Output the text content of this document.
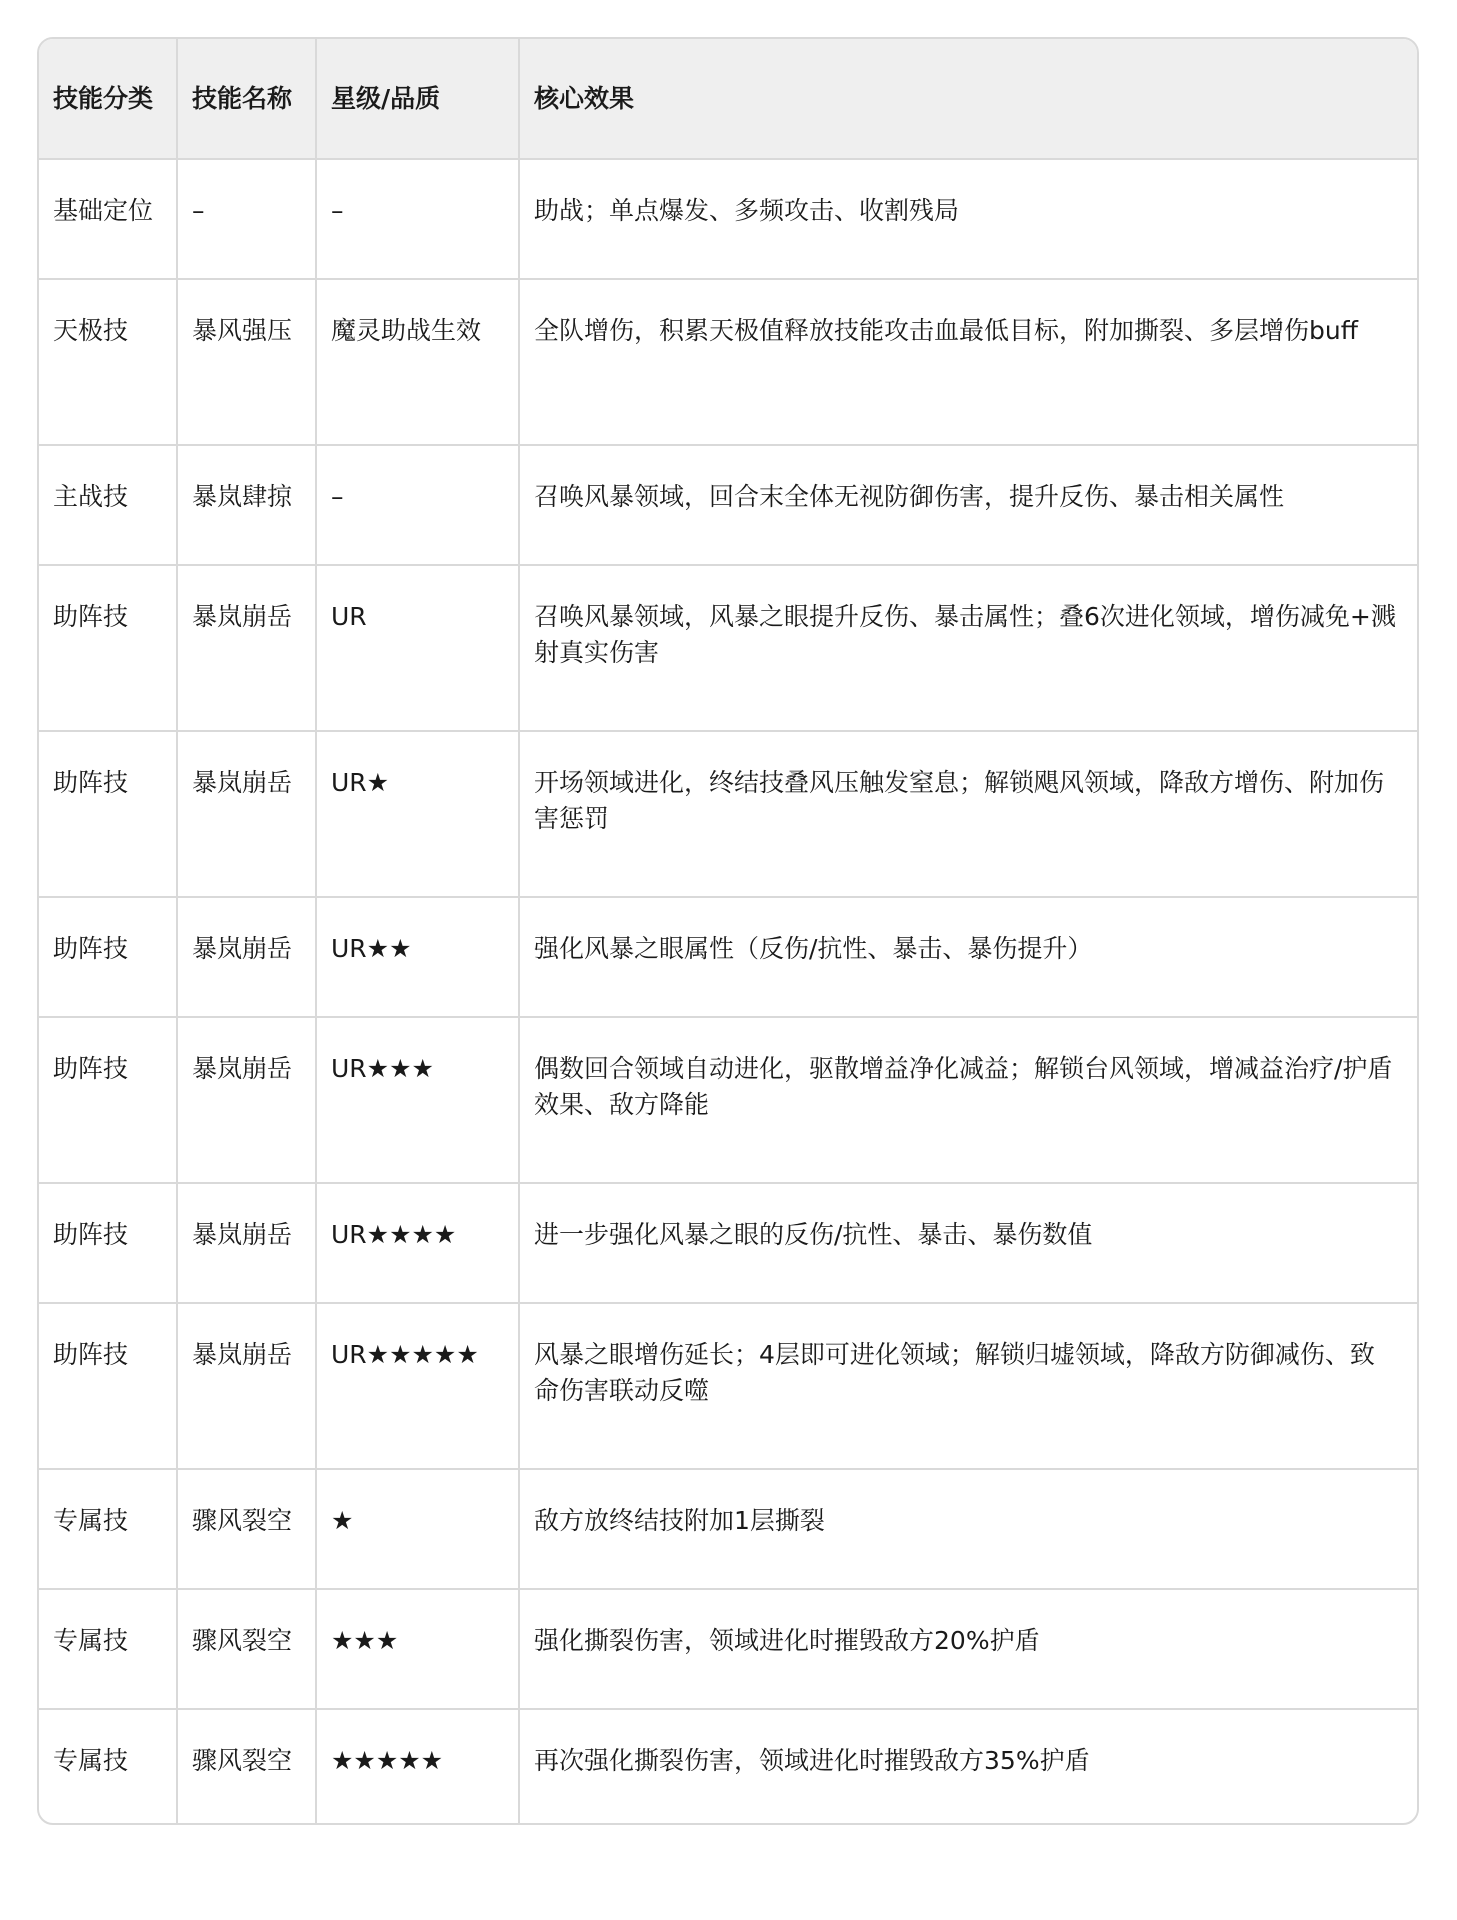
技能分类	技能名称	星级/品质	核心效果
基础定位	–	–	助战；单点爆发、多频攻击、收割残局
天极技	暴风强压	魔灵助战生效	全队增伤，积累天极值释放技能攻击血最低目标，附加撕裂、多层增伤buff
主战技	暴岚肆掠	–	召唤风暴领域，回合末全体无视防御伤害，提升反伤、暴击相关属性
助阵技	暴岚崩岳	UR	召唤风暴领域，风暴之眼提升反伤、暴击属性；叠6次进化领域，增伤减免+溅射真实伤害
助阵技	暴岚崩岳	UR★	开场领域进化，终结技叠风压触发窒息；解锁飓风领域，降敌方增伤、附加伤害惩罚
助阵技	暴岚崩岳	UR★★	强化风暴之眼属性（反伤/抗性、暴击、暴伤提升）
助阵技	暴岚崩岳	UR★★★	偶数回合领域自动进化，驱散增益净化减益；解锁台风领域，增减益治疗/护盾效果、敌方降能
助阵技	暴岚崩岳	UR★★★★	进一步强化风暴之眼的反伤/抗性、暴击、暴伤数值
助阵技	暴岚崩岳	UR★★★★★	风暴之眼增伤延长；4层即可进化领域；解锁归墟领域，降敌方防御减伤、致命伤害联动反噬
专属技	骤风裂空	★	敌方放终结技附加1层撕裂
专属技	骤风裂空	★★★	强化撕裂伤害，领域进化时摧毁敌方20%护盾
专属技	骤风裂空	★★★★★	再次强化撕裂伤害，领域进化时摧毁敌方35%护盾
